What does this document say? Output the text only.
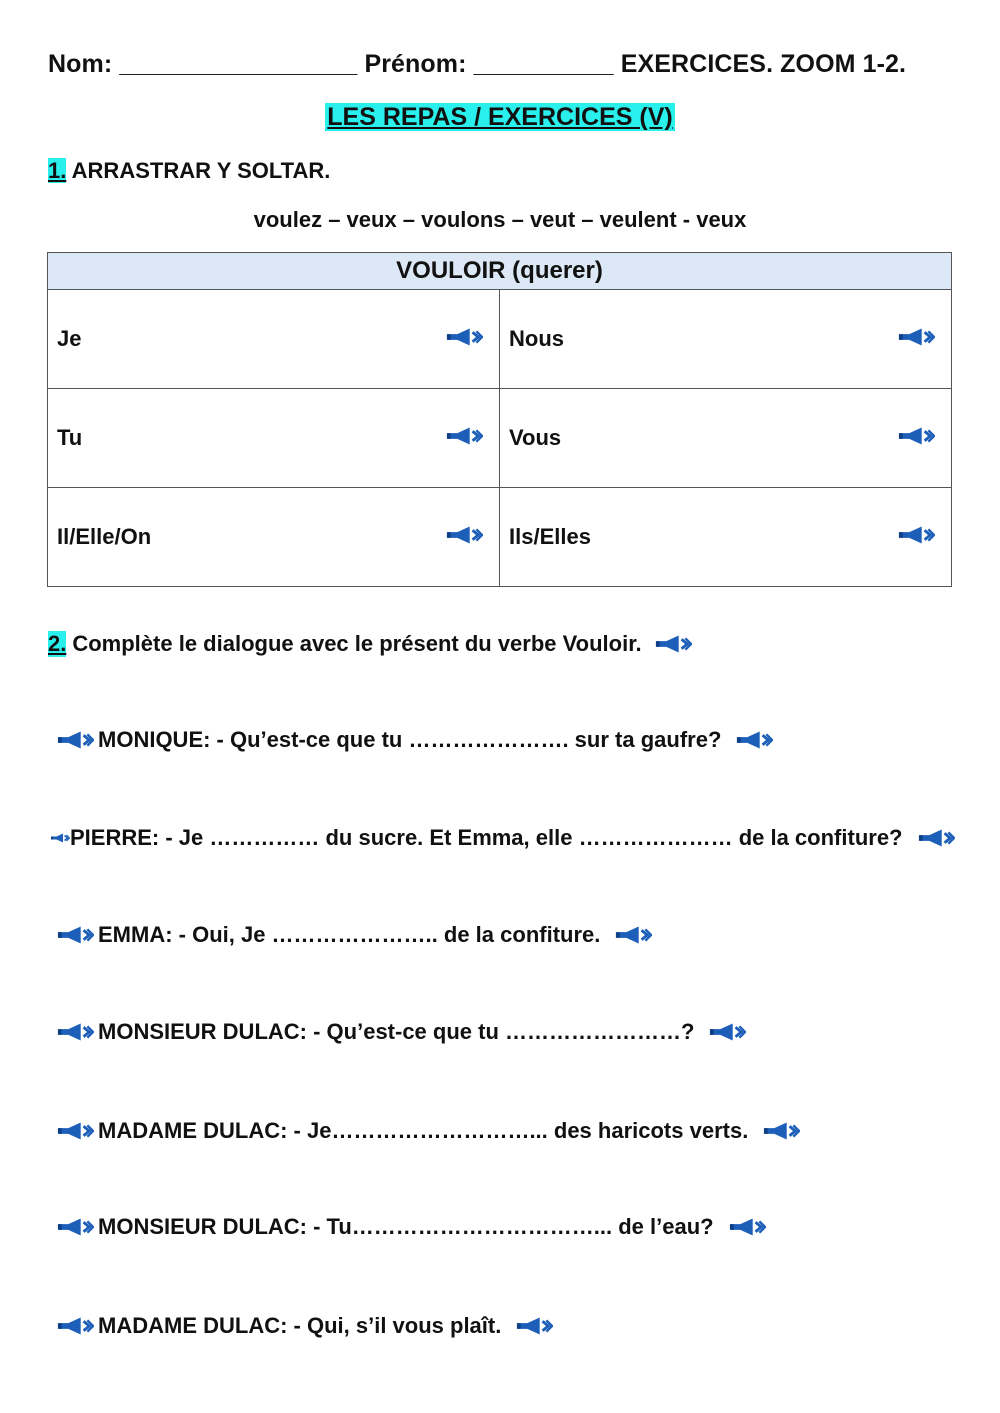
Nom: _________________ Prénom: __________ EXERCICES. ZOOM 1-2.
LES REPAS / EXERCICES (V)
1. ARRASTRAR Y SOLTAR.
voulez – veux – voulons – veut – veulent - veux
VOULOIR (querer)	

Je	Nous

Tu	Vous

Il/Elle/On	Ils/Elles
2. Complète le dialogue avec le présent du verbe Vouloir.
MONIQUE: - Qu’est-ce que tu …………………. sur ta gaufre?
PIERRE: - Je …………… du sucre. Et Emma, elle ………………… de la confiture?
EMMA: - Oui, Je ………………….. de la confiture.
MONSIEUR DULAC: - Qu’est-ce que tu ……………………?
MADAME DULAC: - Je………………………... des haricots verts.
MONSIEUR DULAC: - Tu……………………………... de l’eau?
MADAME DULAC: - Qui, s’il vous plaît.
